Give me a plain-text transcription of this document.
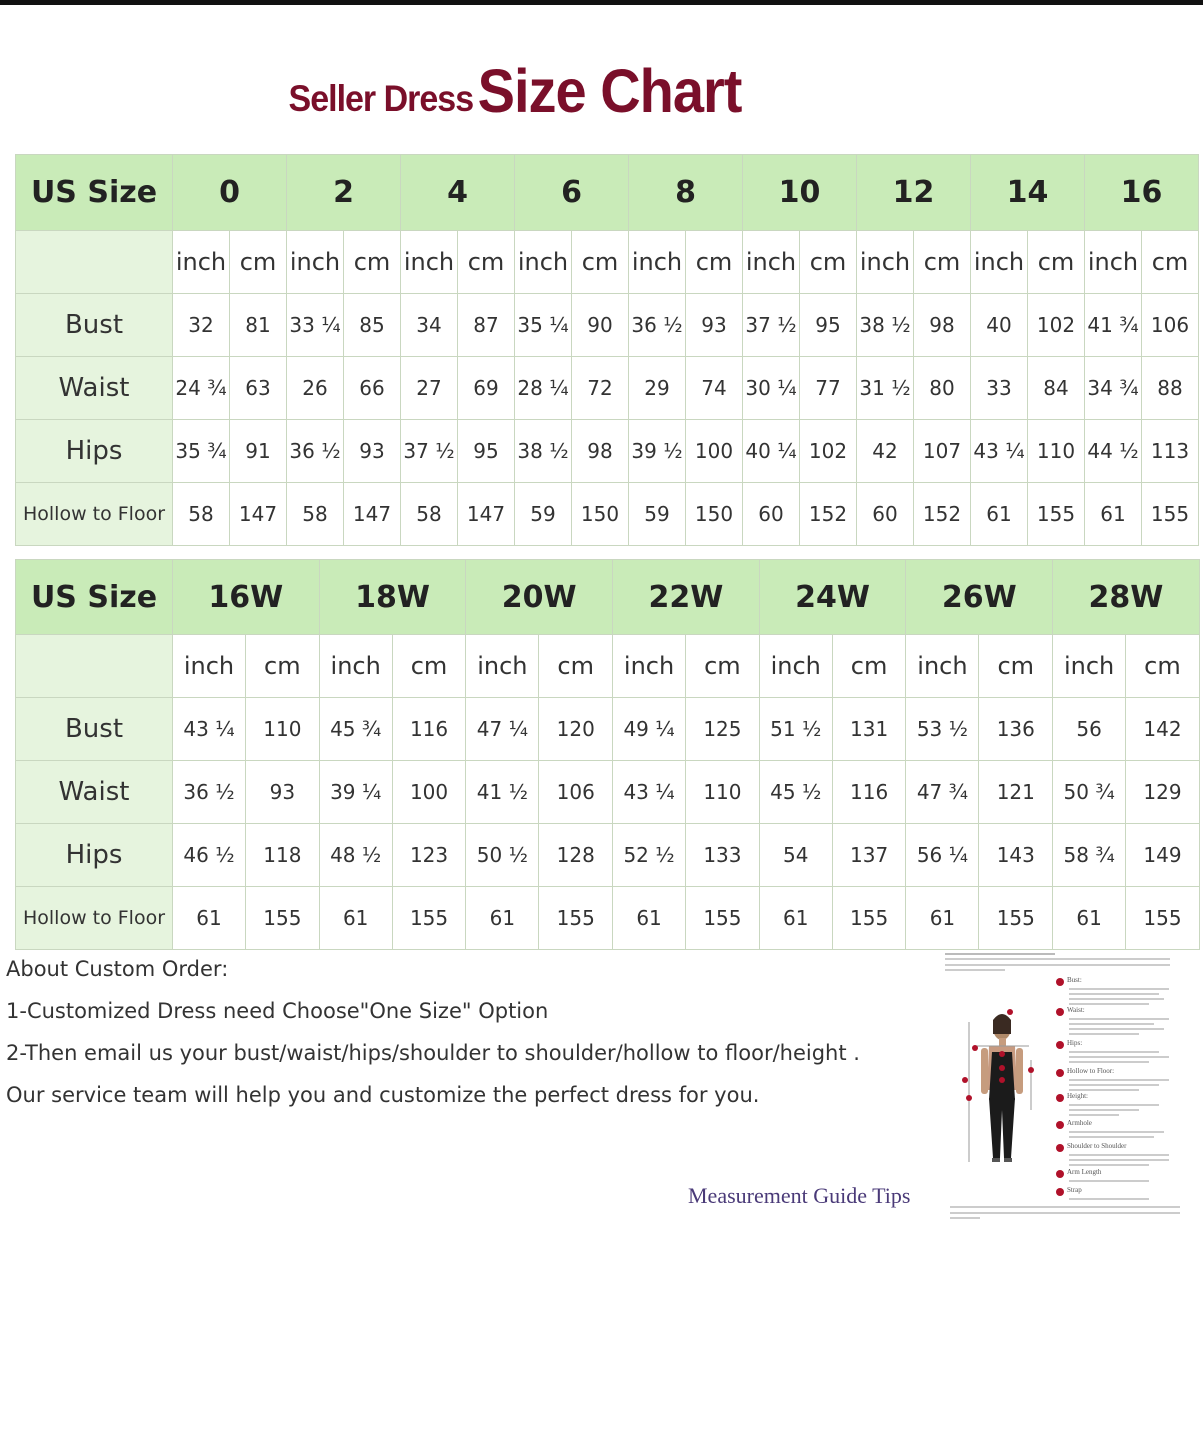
Seller Dress Size Chart
US Size	0		2		4		6		8		10		12		14		16	
	inch	cm	inch	cm	inch	cm	inch	cm	inch	cm	inch	cm	inch	cm	inch	cm	inch	cm
Bust	32	81	33 ¼	85	34	87	35 ¼	90	36 ½	93	37 ½	95	38 ½	98	40	102	41 ¾	106
Waist	24 ¾	63	26	66	27	69	28 ¼	72	29	74	30 ¼	77	31 ½	80	33	84	34 ¾	88
Hips	35 ¾	91	36 ½	93	37 ½	95	38 ½	98	39 ½	100	40 ¼	102	42	107	43 ¼	110	44 ½	113
Hollow to Floor	58	147	58	147	58	147	59	150	59	150	60	152	60	152	61	155	61	155
US Size	16W		18W		20W		22W		24W		26W		28W	
	inch	cm	inch	cm	inch	cm	inch	cm	inch	cm	inch	cm	inch	cm
Bust	43 ¼	110	45 ¾	116	47 ¼	120	49 ¼	125	51 ½	131	53 ½	136	56	142
Waist	36 ½	93	39 ¼	100	41 ½	106	43 ¼	110	45 ½	116	47 ¾	121	50 ¾	129
Hips	46 ½	118	48 ½	123	50 ½	128	52 ½	133	54	137	56 ¼	143	58 ¾	149
Hollow to Floor	61	155	61	155	61	155	61	155	61	155	61	155	61	155
About Custom Order:
1-Customized Dress need Choose"One Size" Option
2-Then email us your bust/waist/hips/shoulder to shoulder/hollow to floor/height .
Our service team will help you and customize the perfect dress for you.
Measurement Guide Tips
Bust:
Waist:
Hips:
Hollow to Floor:
Height:
Armhole
Shoulder to Shoulder
Arm Length
Strap
